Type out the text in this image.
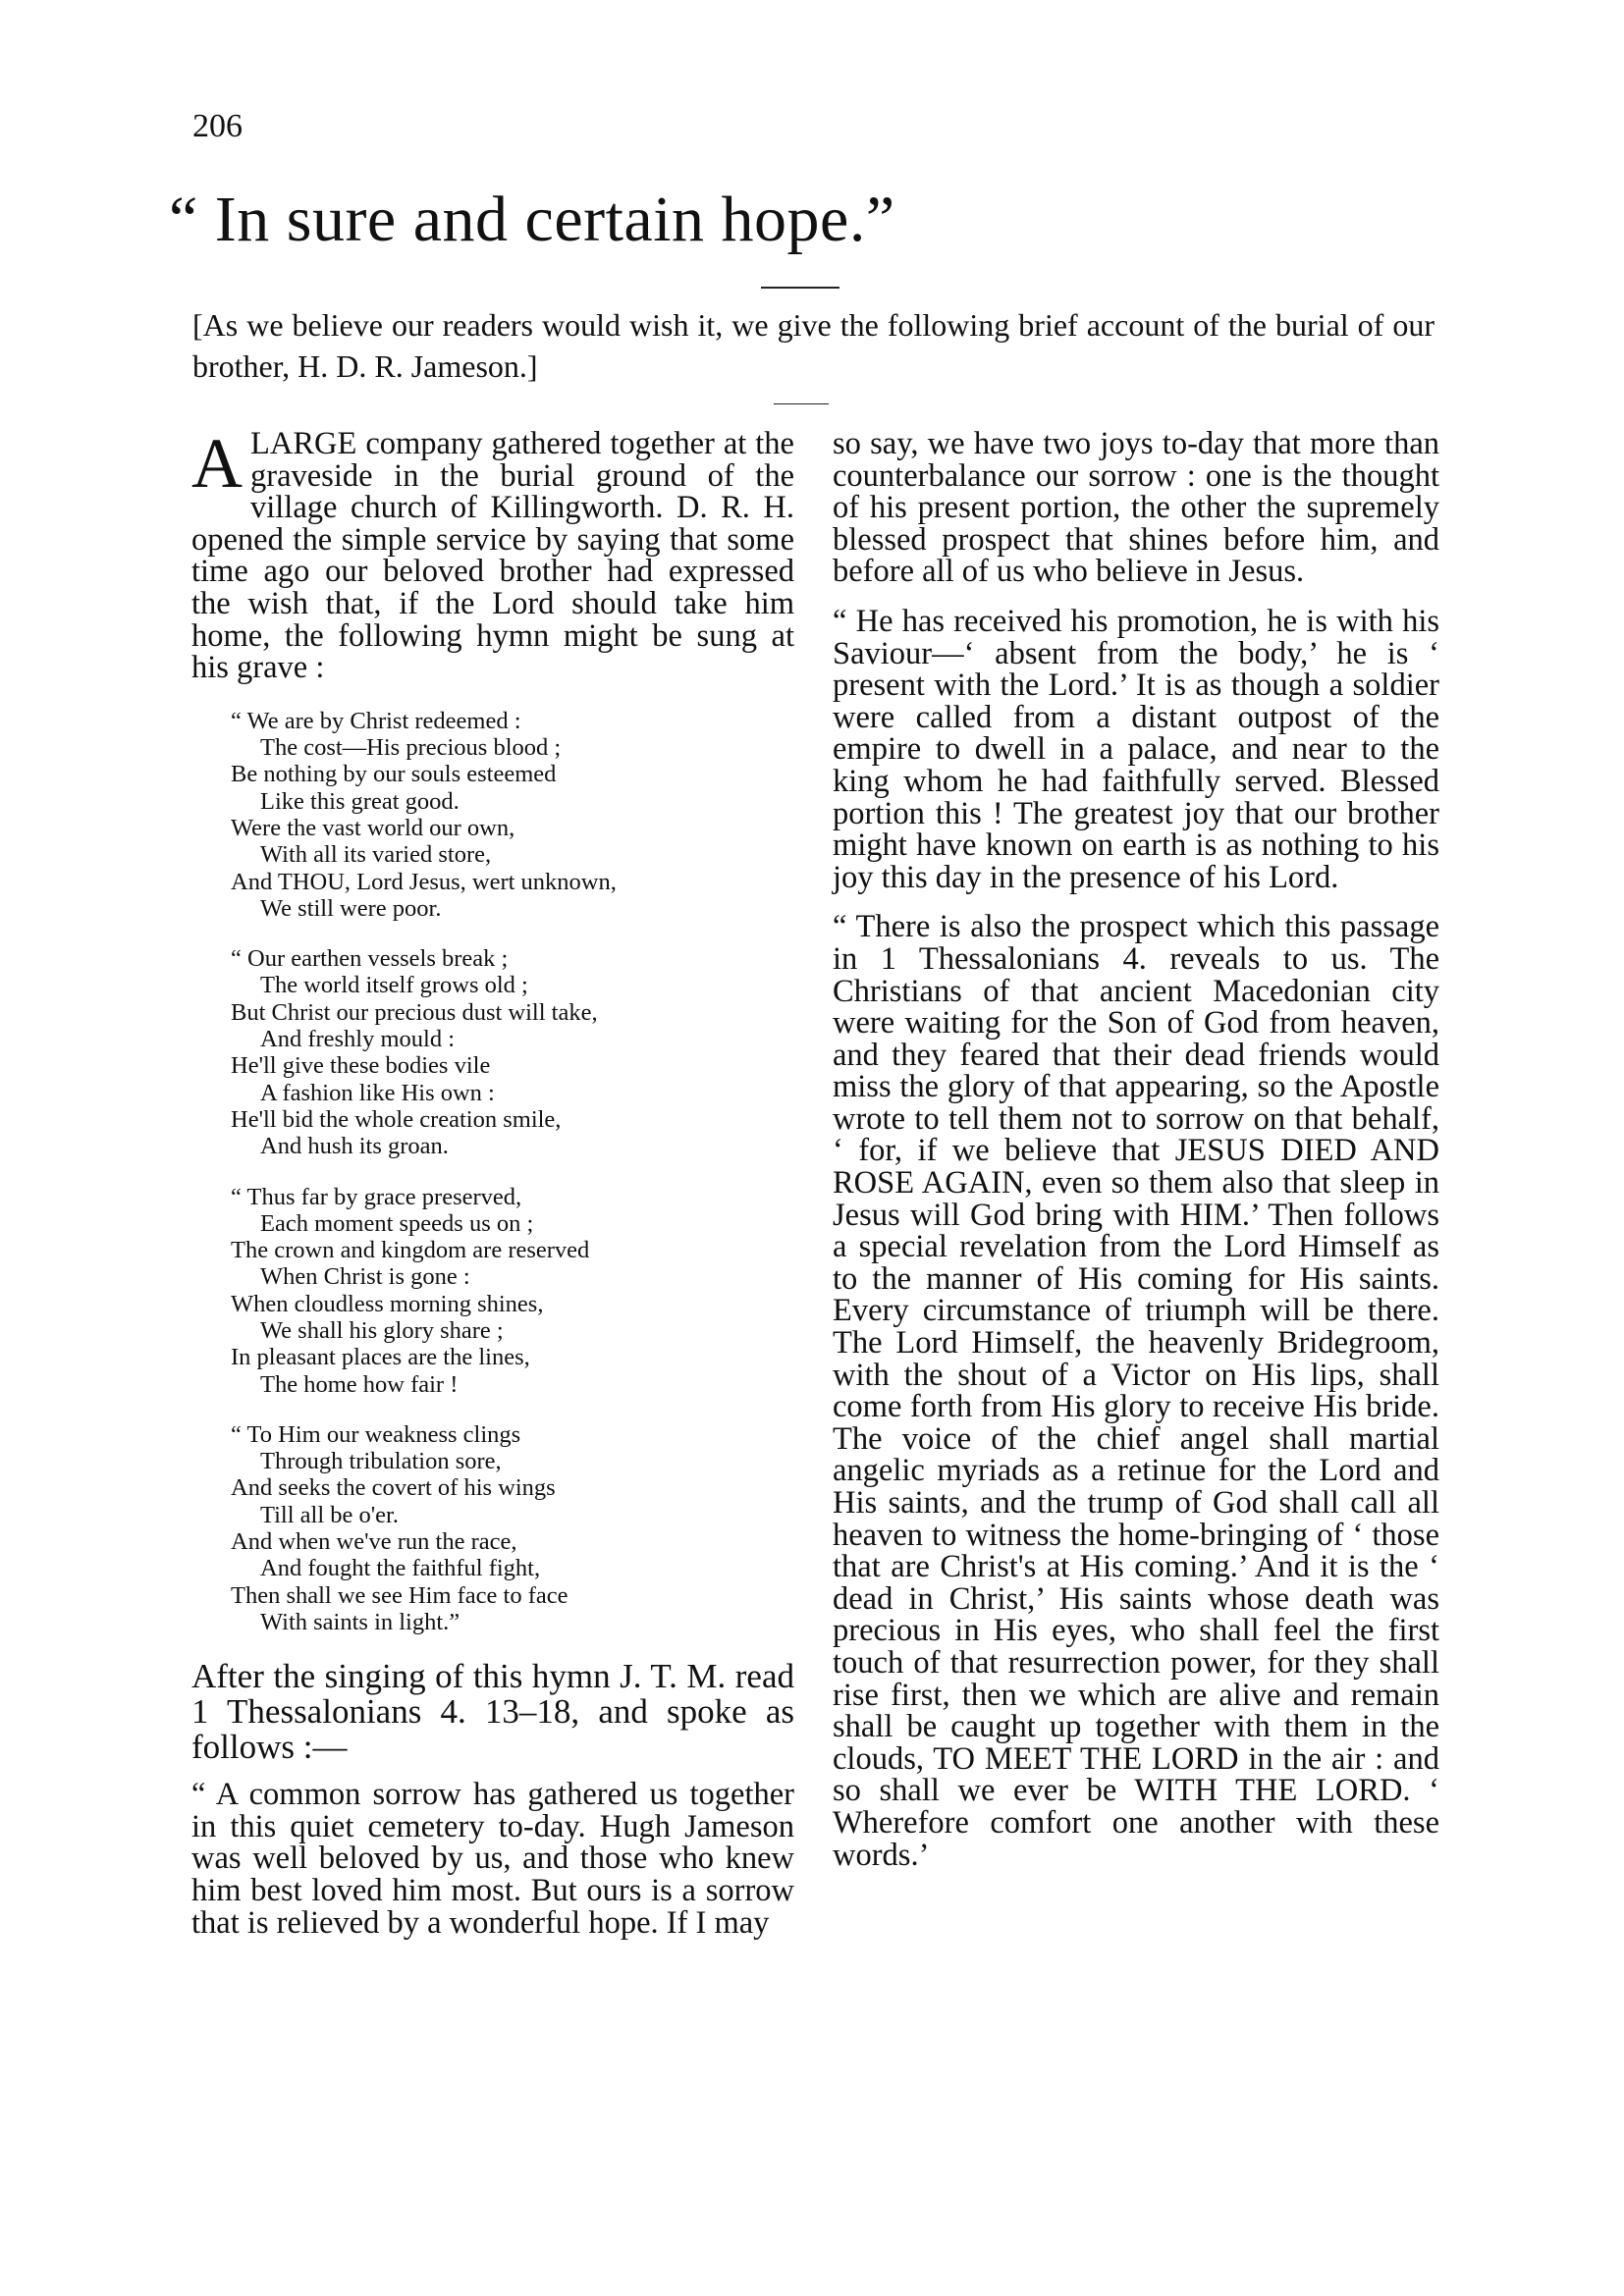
206
“ In sure and certain hope.”
[As we believe our readers would wish it, we give the following brief account of the burial of our brother, H. D. R. Jameson.]

ALARGE company gathered together at the graveside in the burial ground of the village church of Killingworth. D. R. H. opened the simple service by saying that some time ago our beloved brother had expressed the wish that, if the Lord should take him home, the following hymn might be sung at his grave :

“ We are by Christ redeemed :
The cost—His precious blood ;
Be nothing by our souls esteemed
Like this great good.
Were the vast world our own,
With all its varied store,
And THOU, Lord Jesus, wert unknown,
We still were poor.
“ Our earthen vessels break ;
The world itself grows old ;
But Christ our precious dust will take,
And freshly mould :
He'll give these bodies vile
A fashion like His own :
He'll bid the whole creation smile,
And hush its groan.
“ Thus far by grace preserved,
Each moment speeds us on ;
The crown and kingdom are reserved
When Christ is gone :
When cloudless morning shines,
We shall his glory share ;
In pleasant places are the lines,
The home how fair !
“ To Him our weakness clings
Through tribulation sore,
And seeks the covert of his wings
Till all be o'er.
And when we've run the race,
And fought the faithful fight,
Then shall we see Him face to face
With saints in light.”

After the singing of this hymn J. T. M. read 1 Thessalonians 4. 13–18, and spoke as follows :—

“ A common sorrow has gathered us together in this quiet cemetery to-day. Hugh Jameson was well beloved by us, and those who knew him best loved him most. But ours is a sorrow that is relieved by a wonderful hope. If I may

so say, we have two joys to-day that more than counterbalance our sorrow : one is the thought of his present portion, the other the supremely blessed prospect that shines before him, and before all of us who believe in Jesus.

“ He has received his promotion, he is with his Saviour—‘ absent from the body,’ he is ‘ present with the Lord.’ It is as though a soldier were called from a distant outpost of the empire to dwell in a palace, and near to the king whom he had faithfully served. Blessed portion this ! The greatest joy that our brother might have known on earth is as nothing to his joy this day in the presence of his Lord.

“ There is also the prospect which this passage in 1 Thessalonians 4. reveals to us. The Christians of that ancient Macedonian city were waiting for the Son of God from heaven, and they feared that their dead friends would miss the glory of that appearing, so the Apostle wrote to tell them not to sorrow on that behalf, ‘ for, if we believe that JESUS DIED AND ROSE AGAIN, even so them also that sleep in Jesus will God bring with HIM.’ Then follows a special revelation from the Lord Himself as to the manner of His coming for His saints. Every circumstance of triumph will be there. The Lord Himself, the heavenly Bridegroom, with the shout of a Victor on His lips, shall come forth from His glory to receive His bride. The voice of the chief angel shall martial angelic myriads as a retinue for the Lord and His saints, and the trump of God shall call all heaven to witness the home-bringing of ‘ those that are Christ's at His coming.’ And it is the ‘ dead in Christ,’ His saints whose death was precious in His eyes, who shall feel the first touch of that resurrection power, for they shall rise first, then we which are alive and remain shall be caught up together with them in the clouds, TO MEET THE LORD in the air : and so shall we ever be WITH THE LORD. ‘ Wherefore comfort one another with these words.’
